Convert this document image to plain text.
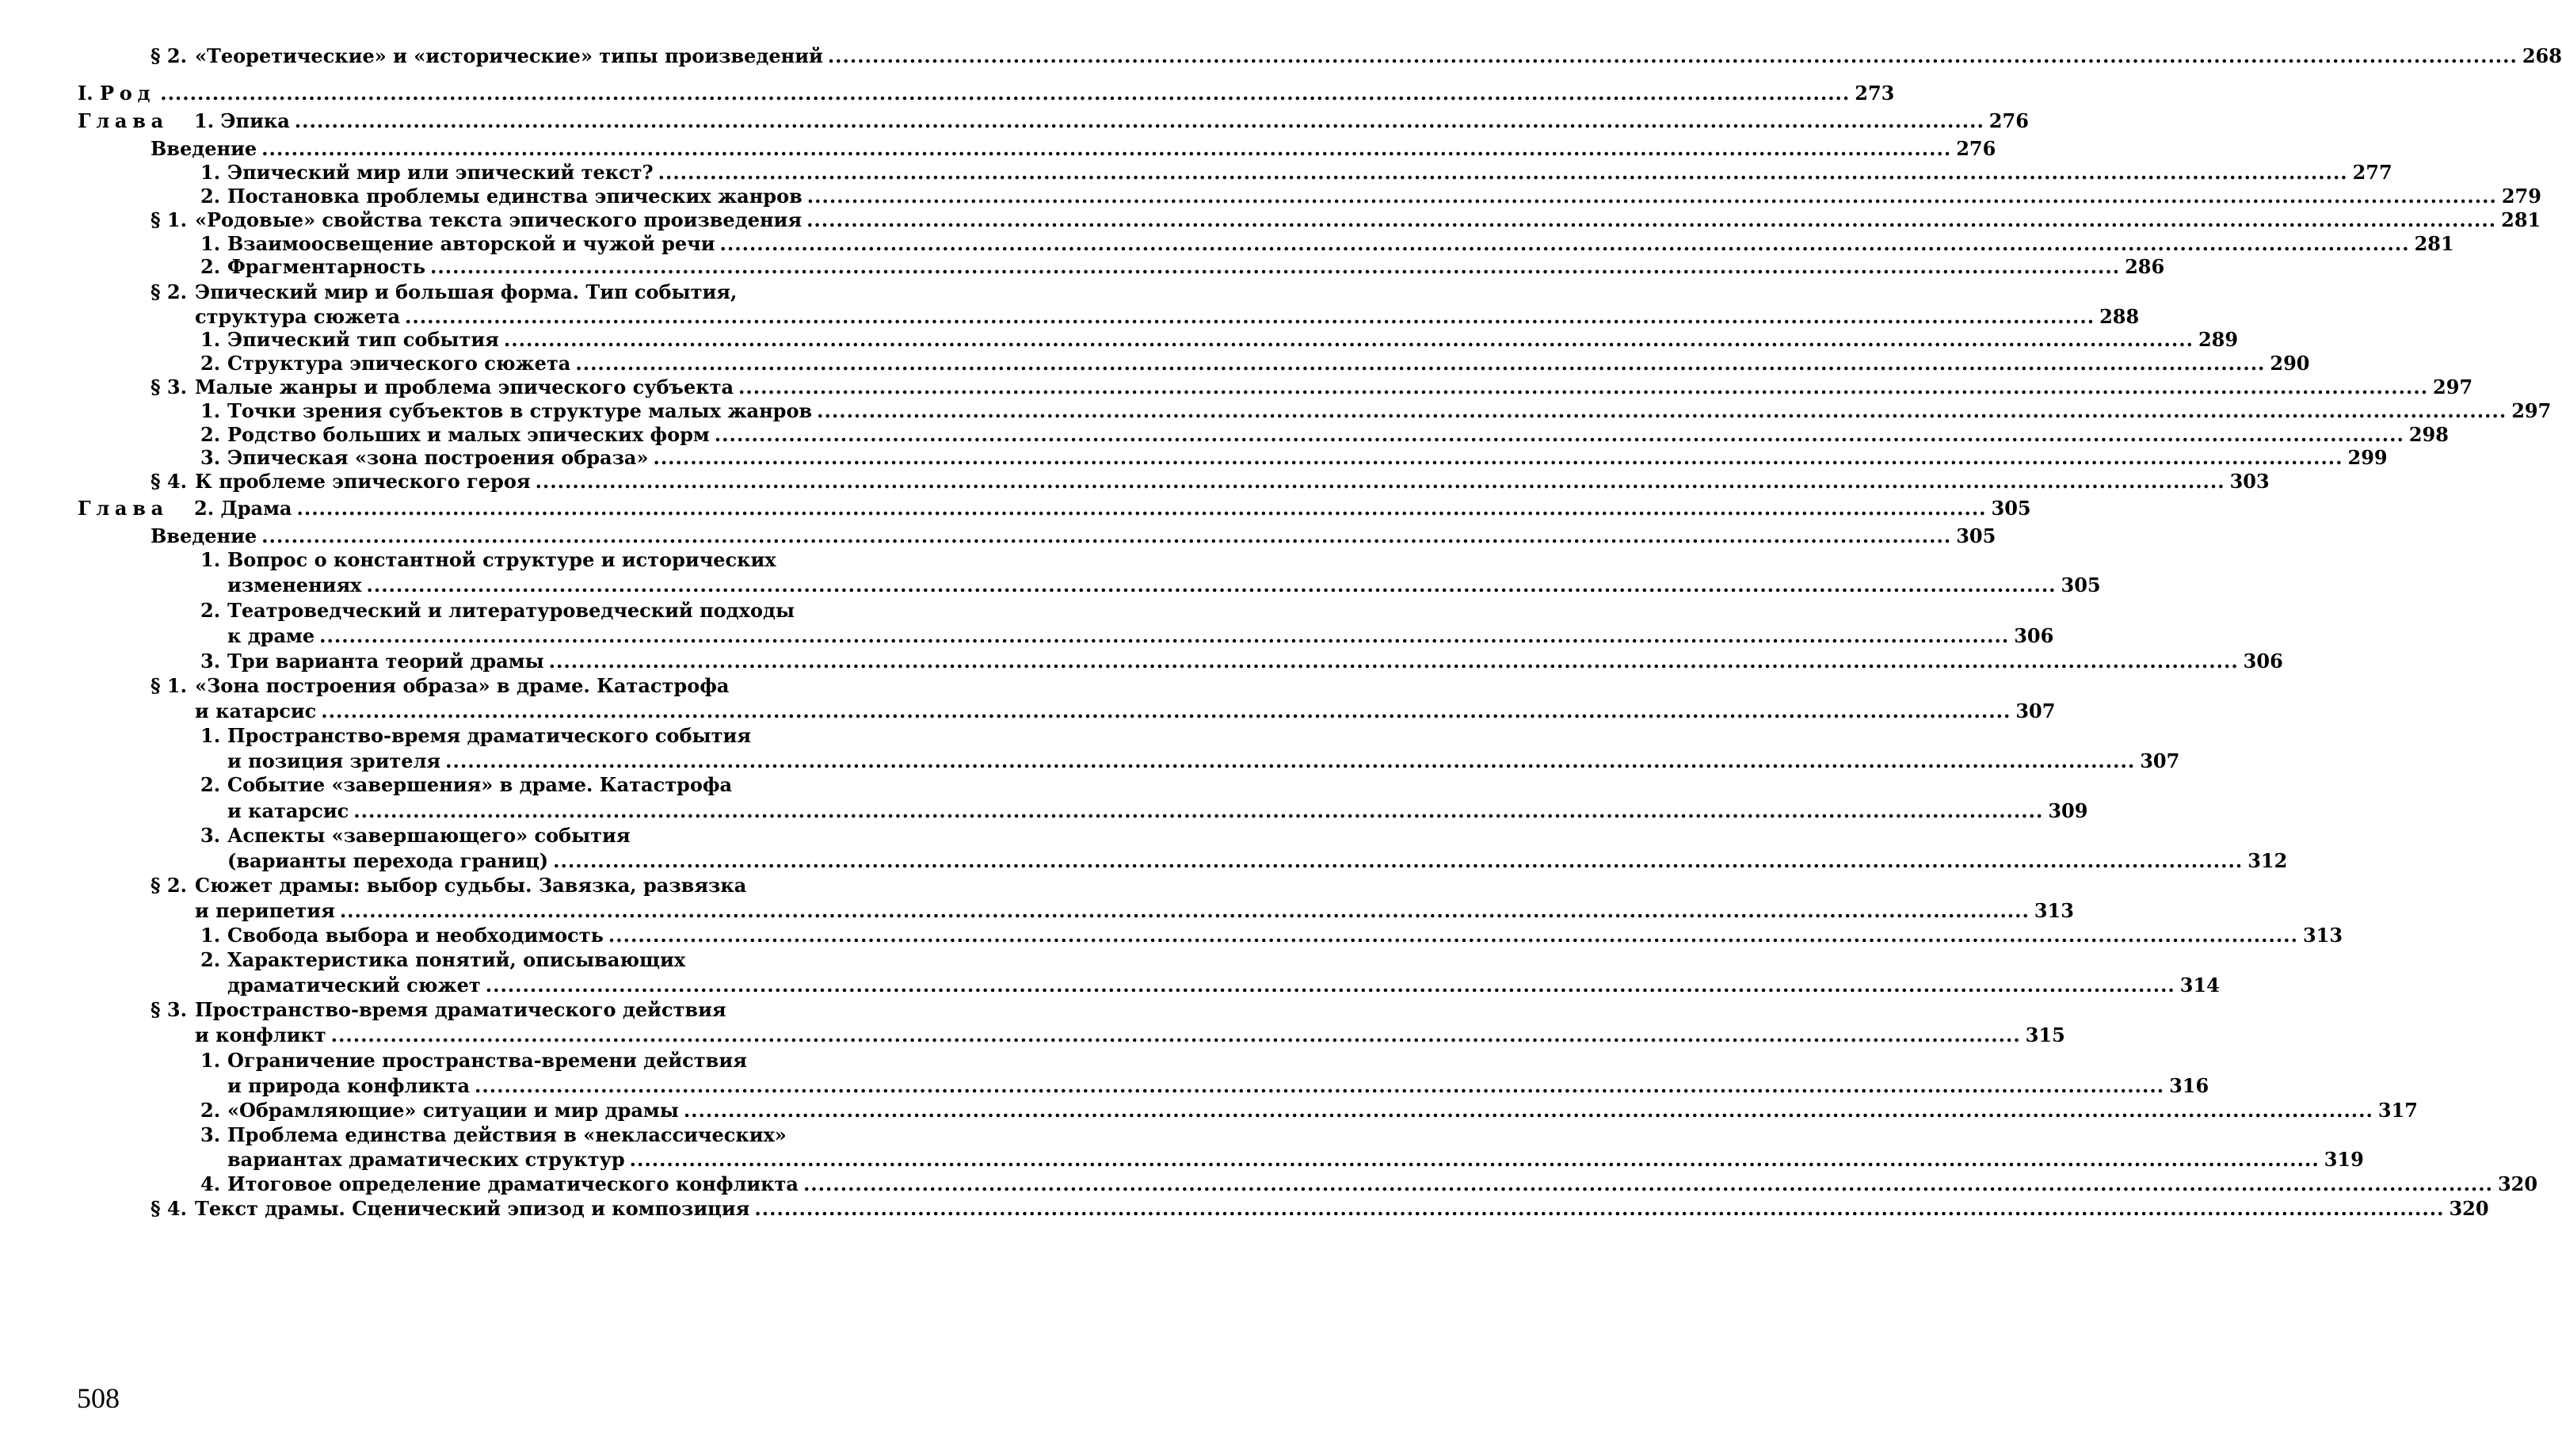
§ 2. «Теоретические» и «исторические» типы произведений
.....	268
I. Род
.....	273
Глава	1. Эпика
.....	276
Введение
.....	276
1. Эпический мир или эпический текст?
.....	277
2. Постановка проблемы единства эпических жанров
.....	279
§ 1. «Родовые» свойства текста эпического произведения
.....	281
1. Взаимоосвещение авторской и чужой речи
.....	281
2. Фрагментарность
.....	286
§ 2. Эпический мир и большая форма. Тип события,
структура сюжета
.....	288
1. Эпический тип события
.....	289
2. Структура эпического сюжета
.....	290
§ 3. Малые жанры и проблема эпического субъекта
.....	297
1. Точки зрения субъектов в структуре малых жанров
.....	297
2. Родство больших и малых эпических форм
.....	298
3. Эпическая «зона построения образа»
.....	299
§ 4. К проблеме эпического героя
.....	303
Глава	2. Драма
.....	305
Введение
.....	305
1. Вопрос о константной структуре и исторических
изменениях
.....	305
2. Театроведческий и литературоведческий подходы
к драме
.....	306
3. Три варианта теорий драмы
.....	306
§ 1. «Зона построения образа» в драме. Катастрофа
и катарсис
.....	307
1. Пространство-время драматического события
и позиция зрителя
.....	307
2. Событие «завершения» в драме. Катастрофа
и катарсис
.....	309
3. Аспекты «завершающего» события
(варианты перехода границ)
.....	312
§ 2. Сюжет драмы: выбор судьбы. Завязка, развязка
и перипетия
.....	313
1. Свобода выбора и необходимость
.....	313
2. Характеристика понятий, описывающих
драматический сюжет
.....	314
§ 3. Пространство-время драматического действия
и конфликт
.....	315
1. Ограничение пространства-времени действия
и природа конфликта
.....	316
2. «Обрамляющие» ситуации и мир драмы
.....	317
3. Проблема единства действия в «неклассических»
вариантах драматических структур
.....	319
4. Итоговое определение драматического конфликта
.....	320
§ 4. Текст драмы. Сценический эпизод и композиция
.....	320
508
